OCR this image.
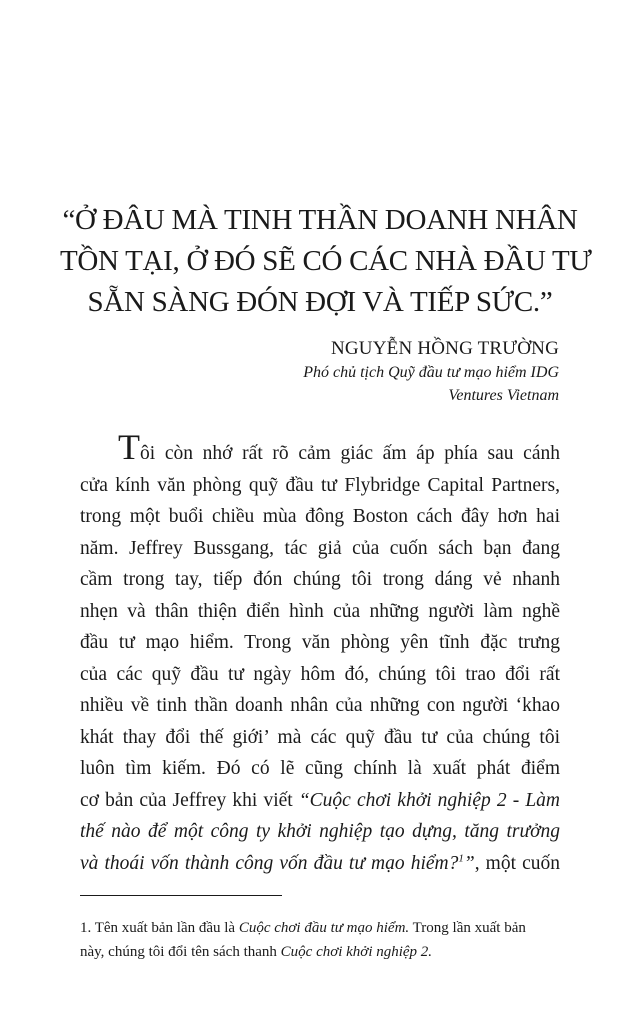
“Ở ĐÂU MÀ TINH THẦN DOANH NHÂN
TỒN TẠI, Ở ĐÓ SẼ CÓ CÁC NHÀ ĐẦU TƯ
SẴN SÀNG ĐÓN ĐỢI VÀ TIẾP SỨC.”
NGUYỄN HỒNG TRƯỜNG
Phó chủ tịch Quỹ đầu tư mạo hiểm IDG
Ventures Vietnam
Tôi còn nhớ rất rõ cảm giác ấm áp phía sau cánh
cửa kính văn phòng quỹ đầu tư Flybridge Capital Partners,
trong một buổi chiều mùa đông Boston cách đây hơn hai
năm. Jeffrey Bussgang, tác giả của cuốn sách bạn đang
cầm trong tay, tiếp đón chúng tôi trong dáng vẻ nhanh
nhẹn và thân thiện điển hình của những người làm nghề
đầu tư mạo hiểm. Trong văn phòng yên tĩnh đặc trưng
của các quỹ đầu tư ngày hôm đó, chúng tôi trao đổi rất
nhiều về tinh thần doanh nhân của những con người ‘khao
khát thay đổi thế giới’ mà các quỹ đầu tư của chúng tôi
luôn tìm kiếm. Đó có lẽ cũng chính là xuất phát điểm
cơ bản của Jeffrey khi viết “Cuộc chơi khởi nghiệp 2 - Làm
thế nào để một công ty khởi nghiệp tạo dựng, tăng trưởng
và thoái vốn thành công vốn đầu tư mạo hiểm?$^1$”, một cuốn
1. Tên xuất bản lần đầu là Cuộc chơi đầu tư mạo hiểm. Trong lần xuất bản
này, chúng tôi đổi tên sách thanh Cuộc chơi khởi nghiệp 2.
